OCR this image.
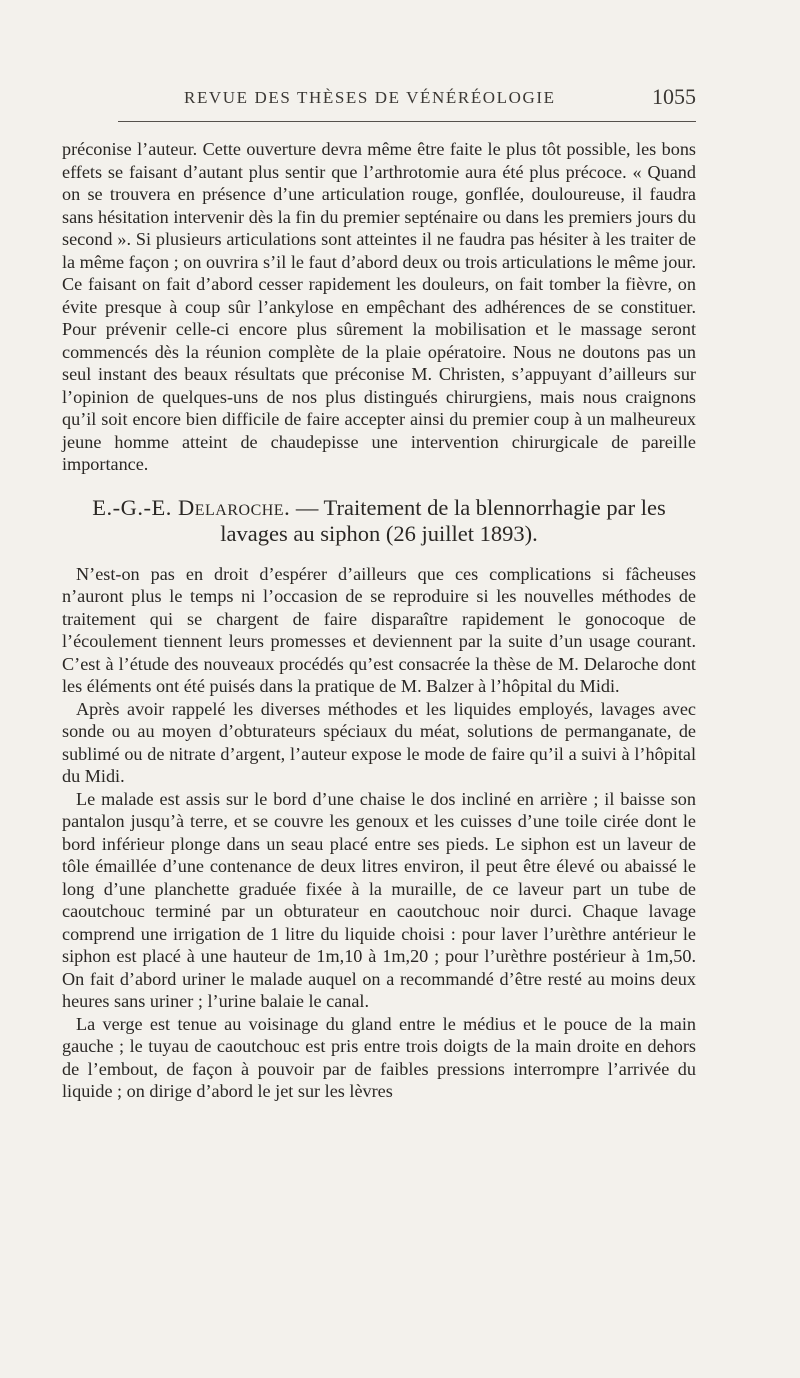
REVUE DES THÈSES DE VÉNÉRÉOLOGIE	1055

préconise l’auteur. Cette ouverture devra même être faite le plus tôt possible, les bons effets se faisant d’autant plus sentir que l’arthrotomie aura été plus précoce. « Quand on se trouvera en présence d’une articulation rouge, gonflée, douloureuse, il faudra sans hésitation intervenir dès la fin du premier septénaire ou dans les premiers jours du second ». Si plusieurs articulations sont atteintes il ne faudra pas hésiter à les traiter de la même façon ; on ouvrira s’il le faut d’abord deux ou trois articulations le même jour. Ce faisant on fait d’abord cesser rapidement les douleurs, on fait tomber la fièvre, on évite presque à coup sûr l’ankylose en empêchant des adhérences de se constituer. Pour prévenir celle-ci encore plus sûrement la mobilisation et le massage seront commencés dès la réunion complète de la plaie opératoire. Nous ne doutons pas un seul instant des beaux résultats que préconise M. Christen, s’appuyant d’ailleurs sur l’opinion de quelques-uns de nos plus distingués chirurgiens, mais nous craignons qu’il soit encore bien difficile de faire accepter ainsi du premier coup à un malheureux jeune homme atteint de chaudepisse une intervention chirurgicale de pareille importance.

E.-G.-E. Delaroche. — Traitement de la blennorrhagie par les lavages au siphon (26 juillet 1893).

N’est-on pas en droit d’espérer d’ailleurs que ces complications si fâcheuses n’auront plus le temps ni l’occasion de se reproduire si les nouvelles méthodes de traitement qui se chargent de faire disparaître rapidement le gonocoque de l’écoulement tiennent leurs promesses et deviennent par la suite d’un usage courant. C’est à l’étude des nouveaux procédés qu’est consacrée la thèse de M. Delaroche dont les éléments ont été puisés dans la pratique de M. Balzer à l’hôpital du Midi.

Après avoir rappelé les diverses méthodes et les liquides employés, lavages avec sonde ou au moyen d’obturateurs spéciaux du méat, solutions de permanganate, de sublimé ou de nitrate d’argent, l’auteur expose le mode de faire qu’il a suivi à l’hôpital du Midi.

Le malade est assis sur le bord d’une chaise le dos incliné en arrière ; il baisse son pantalon jusqu’à terre, et se couvre les genoux et les cuisses d’une toile cirée dont le bord inférieur plonge dans un seau placé entre ses pieds. Le siphon est un laveur de tôle émaillée d’une contenance de deux litres environ, il peut être élevé ou abaissé le long d’une planchette graduée fixée à la muraille, de ce laveur part un tube de caoutchouc terminé par un obturateur en caoutchouc noir durci. Chaque lavage comprend une irrigation de 1 litre du liquide choisi : pour laver l’urèthre antérieur le siphon est placé à une hauteur de 1m,10 à 1m,20 ; pour l’urèthre postérieur à 1m,50. On fait d’abord uriner le malade auquel on a recommandé d’être resté au moins deux heures sans uriner ; l’urine balaie le canal.

La verge est tenue au voisinage du gland entre le médius et le pouce de la main gauche ; le tuyau de caoutchouc est pris entre trois doigts de la main droite en dehors de l’embout, de façon à pouvoir par de faibles pressions interrompre l’arrivée du liquide ; on dirige d’abord le jet sur les lèvres
